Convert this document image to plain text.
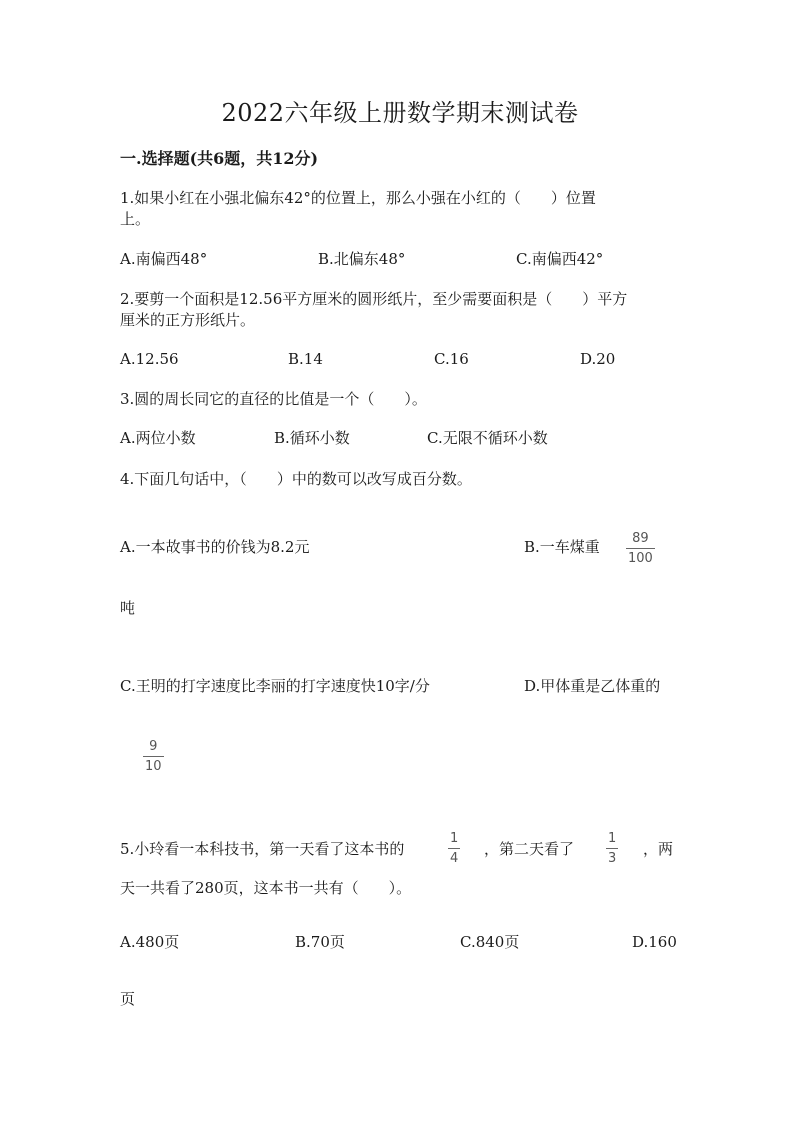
2022六年级上册数学期末测试卷
一.选择题(共6题，共12分)
1.如果小红在小强北偏东42°的位置上，那么小强在小红的（　　）位置
上。
A.南偏西48°	B.北偏东48°	C.南偏西42°
2.要剪一个面积是12.56平方厘米的圆形纸片，至少需要面积是（　　）平方
厘米的正方形纸片。
A.12.56	B.14	C.16	D.20
3.圆的周长同它的直径的比值是一个（　　）。
A.两位小数	B.循环小数	C.无限不循环小数
4.下面几句话中，（　　）中的数可以改写成百分数。
A.一本故事书的价钱为8.2元	B.一车煤重 89
100
吨
C.王明的打字速度比李丽的打字速度快10字/分	D.甲体重是乙体重的
9
10
5.小玲看一本科技书，第一天看了这本书的
1
4
，第二天看了
1
3
，两
天一共看了280页，这本书一共有（　　）。
A.480页	B.70页	C.840页	D.160
页
